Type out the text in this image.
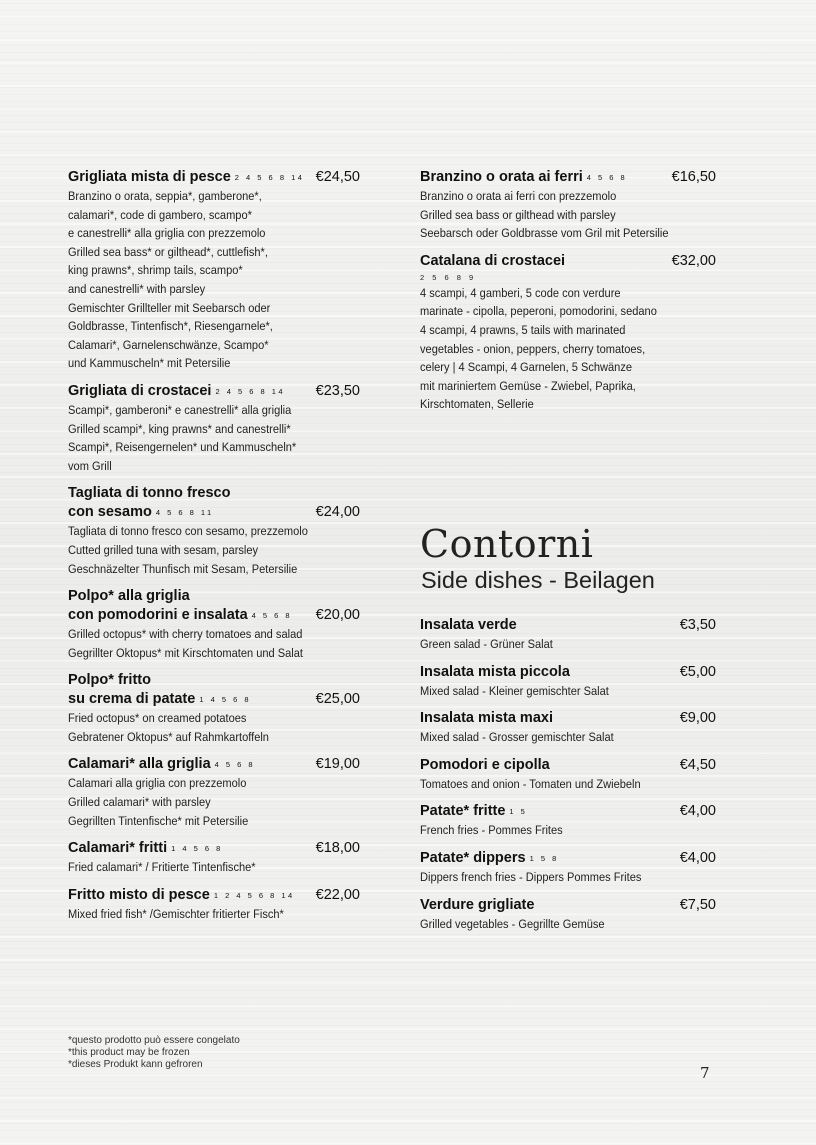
Grigliata mista di pesce 2 4 5 6 8 14 €24,50

Branzino o orata, seppia*, gamberone*,
calamari*, code di gambero, scampo*
e canestrelli* alla griglia con prezzemolo
Grilled sea bass* or gilthead*, cuttlefish*,
king prawns*, shrimp tails, scampo*
and canestrelli* with parsley
Gemischter Grillteller mit Seebarsch oder
Goldbrasse, Tintenfisch*, Riesengarnele*,
Calamari*, Garnelenschwänze, Scampo*
und Kammuscheln* mit Petersilie

Grigliata di crostacei 2 4 5 6 8 14 €23,50

Scampi*, gamberoni* e canestrelli* alla griglia
Grilled scampi*, king prawns* and canestrelli*
Scampi*, Reisengernelen* und Kammuscheln*
vom Grill

Tagliata di tonno fresco
con sesamo 4 5 6 8 11	€24,00

Tagliata di tonno fresco con sesamo, prezzemolo
Cutted grilled tuna with sesam, parsley
Geschnäzelter Thunfisch mit Sesam, Petersilie

Polpo* alla griglia
con pomodorini e insalata 4 5 6 8 €20,00

Grilled octopus* with cherry tomatoes and salad
Gegrillter Oktopus* mit Kirschtomaten und Salat

Polpo* fritto
su crema di patate 1 4 5 6 8	€25,00

Fried octopus* on creamed potatoes
Gebratener Oktopus* auf Rahmkartoffeln

Calamari* alla griglia 4 5 6 8	€19,00

Calamari alla griglia con prezzemolo
Grilled calamari* with parsley
Gegrillten Tintenfische* mit Petersilie

Calamari* fritti 1 4 5 6 8	€18,00

Fried calamari* / Fritierte Tintenfische*

Fritto misto di pesce 1 2 4 5 6 8 14 €22,00

Mixed fried fish* /Gemischter fritierter Fisch*

Branzino o orata ai ferri 4 5 6 8	€16,50

Branzino o orata ai ferri con prezzemolo
Grilled sea bass or gilthead with parsley
Seebarsch oder Goldbrasse vom Gril mit Petersilie

Catalana di crostacei	€32,00
2 5 6 8 9

4 scampi, 4 gamberi, 5 code con verdure
marinate - cipolla, peperoni, pomodorini, sedano
4 scampi, 4 prawns, 5 tails with marinated
vegetables - onion, peppers, cherry tomatoes,
celery | 4 Scampi, 4 Garnelen, 5 Schwänze
mit mariniertem Gemüse - Zwiebel, Paprika,
Kirschtomaten, Sellerie

Contorni
Side dishes - Beilagen
Insalata verde	€3,50

Green salad - Grüner Salat

Insalata mista piccola	€5,00

Mixed salad - Kleiner gemischter Salat

Insalata mista maxi	€9,00

Mixed salad - Grosser gemischter Salat

Pomodori e cipolla	€4,50

Tomatoes and onion - Tomaten und Zwiebeln

Patate* fritte 1 5	€4,00

French fries - Pommes Frites

Patate* dippers 1 5 8	€4,00

Dippers french fries - Dippers Pommes Frites

Verdure grigliate	€7,50

Grilled vegetables - Gegrillte Gemüse

*questo prodotto può essere congelato
*this product may be frozen
*dieses Produkt kann gefroren	7
